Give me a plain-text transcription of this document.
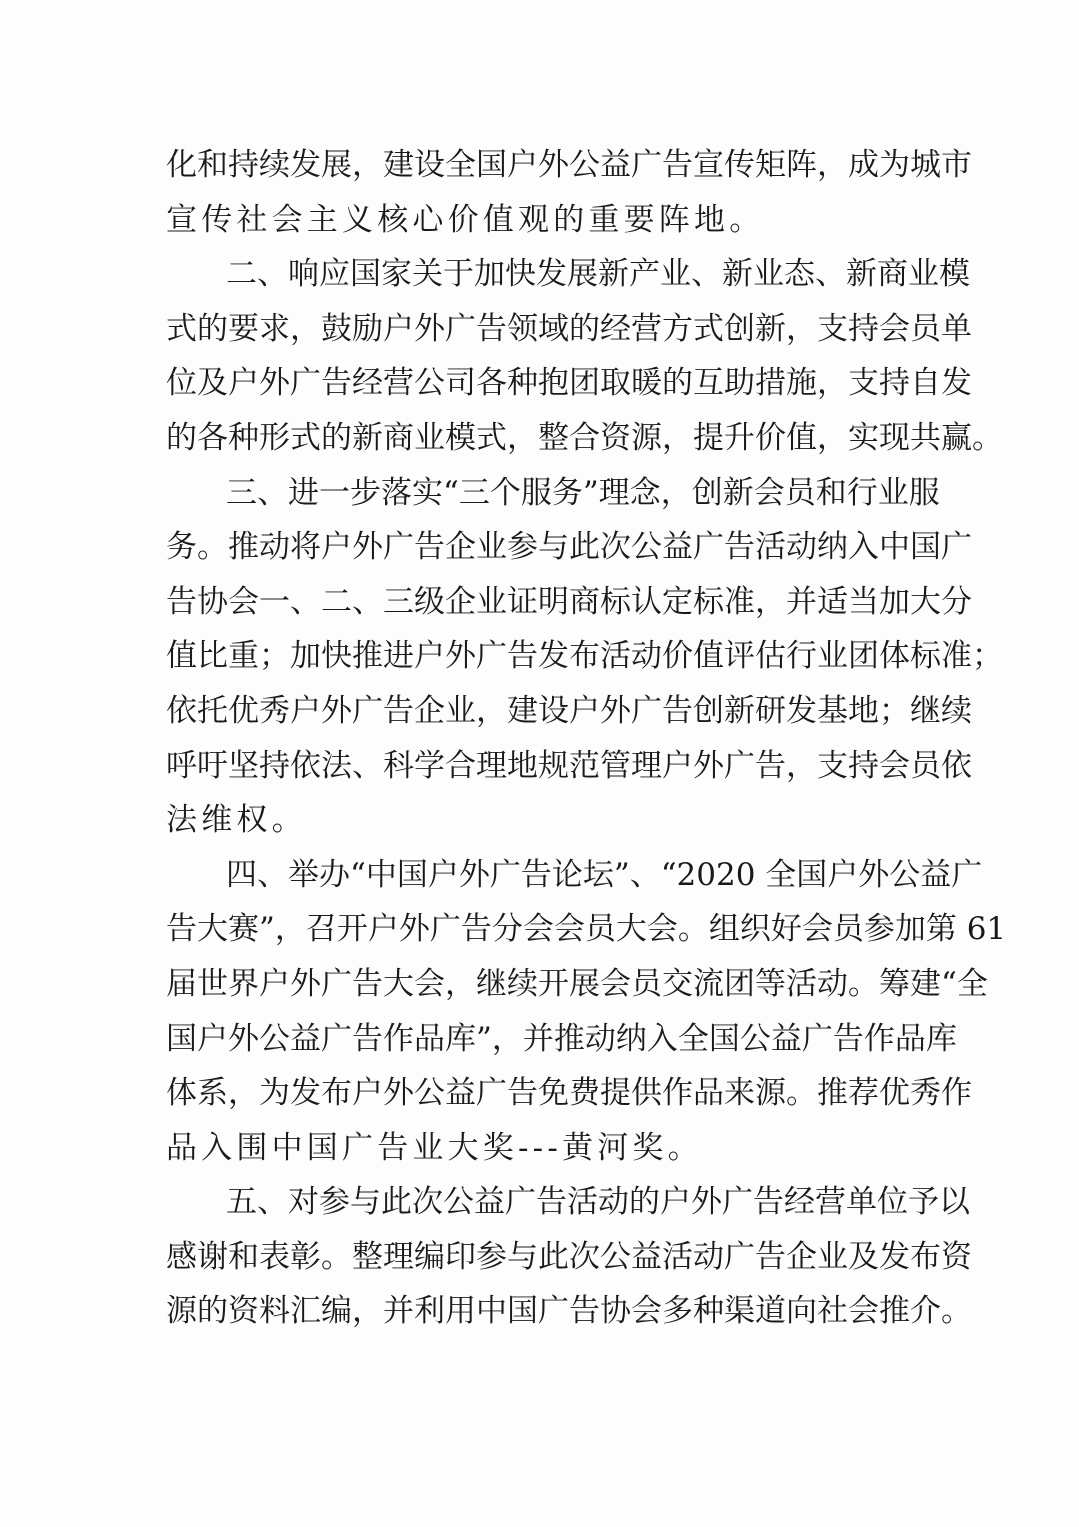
化和持续发展，建设全国户外公益广告宣传矩阵，成为城市
宣传社会主义核心价值观的重要阵地。
二、响应国家关于加快发展新产业、新业态、新商业模
式的要求，鼓励户外广告领域的经营方式创新，支持会员单
位及户外广告经营公司各种抱团取暖的互助措施，支持自发
的各种形式的新商业模式，整合资源，提升价值，实现共赢。
三、进一步落实“三个服务”理念，创新会员和行业服
务。推动将户外广告企业参与此次公益广告活动纳入中国广
告协会一、二、三级企业证明商标认定标准，并适当加大分
值比重；加快推进户外广告发布活动价值评估行业团体标准；
依托优秀户外广告企业，建设户外广告创新研发基地；继续
呼吁坚持依法、科学合理地规范管理户外广告，支持会员依
法维权。
四、举办“中国户外广告论坛”、“2020 全国户外公益广
告大赛”，召开户外广告分会会员大会。组织好会员参加第 61
届世界户外广告大会，继续开展会员交流团等活动。筹建“全
国户外公益广告作品库”，并推动纳入全国公益广告作品库
体系，为发布户外公益广告免费提供作品来源。推荐优秀作
品入围中国广告业大奖---黄河奖。
五、对参与此次公益广告活动的户外广告经营单位予以
感谢和表彰。整理编印参与此次公益活动广告企业及发布资
源的资料汇编，并利用中国广告协会多种渠道向社会推介。
